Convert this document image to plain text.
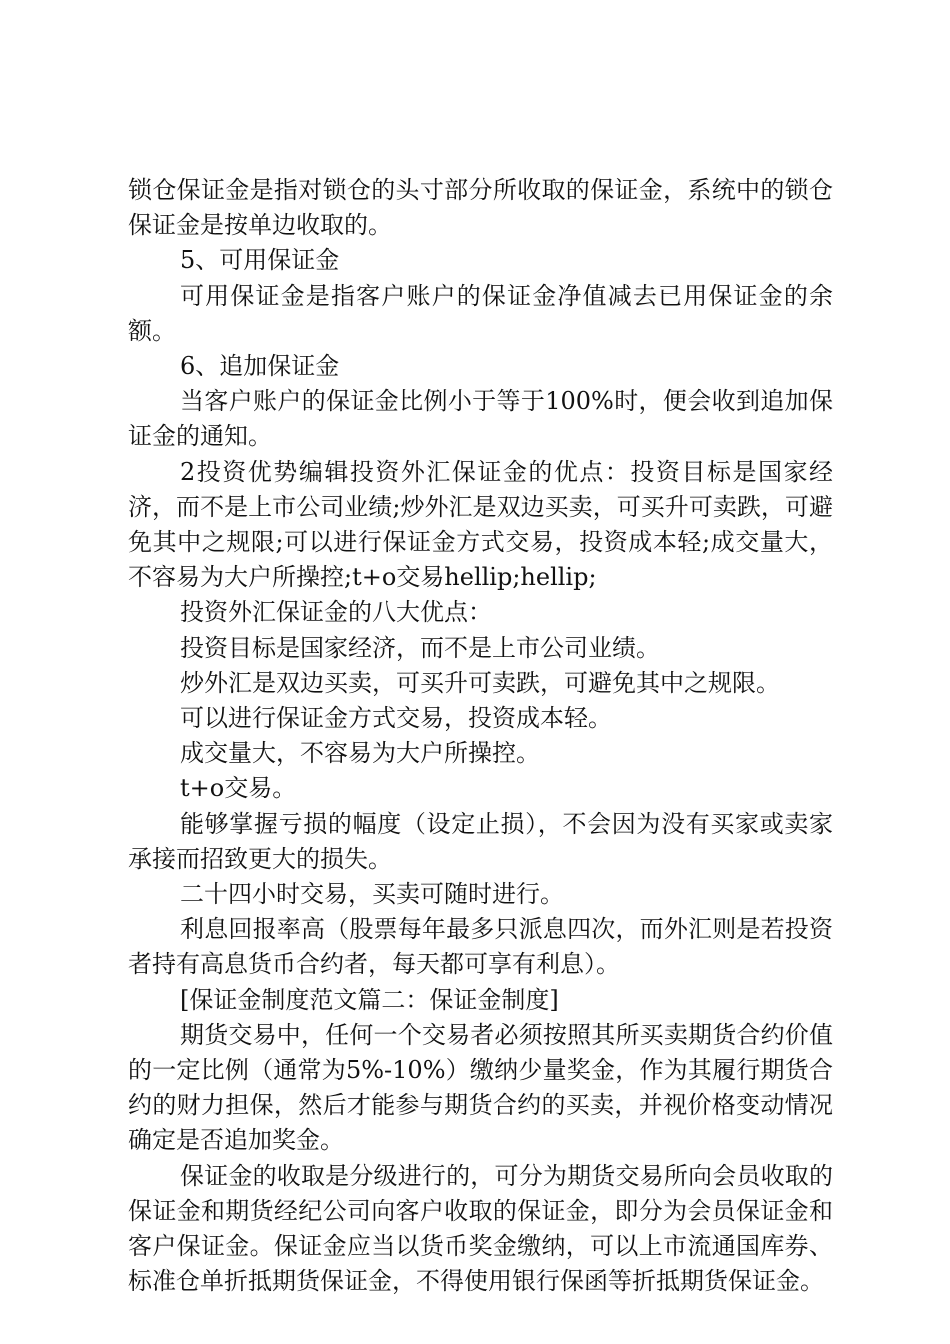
锁仓保证金是指对锁仓的头寸部分所收取的保证金，系统中的锁仓保证金是按单边收取的。

5、可用保证金

可用保证金是指客户账户的保证金净值减去已用保证金的余额。

6、追加保证金

当客户账户的保证金比例小于等于100%时，便会收到追加保证金的通知。

2投资优势编辑投资外汇保证金的优点：投资目标是国家经济，而不是上市公司业绩;炒外汇是双边买卖，可买升可卖跌，可避免其中之规限;可以进行保证金方式交易，投资成本轻;成交量大，不容易为大户所操控;t+o交易hellip;hellip;

投资外汇保证金的八大优点：

投资目标是国家经济，而不是上市公司业绩。

炒外汇是双边买卖，可买升可卖跌，可避免其中之规限。

可以进行保证金方式交易，投资成本轻。

成交量大，不容易为大户所操控。

t+o交易。

能够掌握亏损的幅度（设定止损），不会因为没有买家或卖家承接而招致更大的损失。

二十四小时交易，买卖可随时进行。

利息回报率高（股票每年最多只派息四次，而外汇则是若投资者持有高息货币合约者，每天都可享有利息）。

[保证金制度范文篇二：保证金制度]

期货交易中，任何一个交易者必须按照其所买卖期货合约价值的一定比例（通常为5%-10%）缴纳少量奖金，作为其履行期货合约的财力担保，然后才能参与期货合约的买卖，并视价格变动情况确定是否追加奖金。

保证金的收取是分级进行的，可分为期货交易所向会员收取的保证金和期货经纪公司向客户收取的保证金，即分为会员保证金和客户保证金。保证金应当以货币奖金缴纳，可以上市流通国库券、标准仓单折抵期货保证金，不得使用银行保函等折抵期货保证金。
